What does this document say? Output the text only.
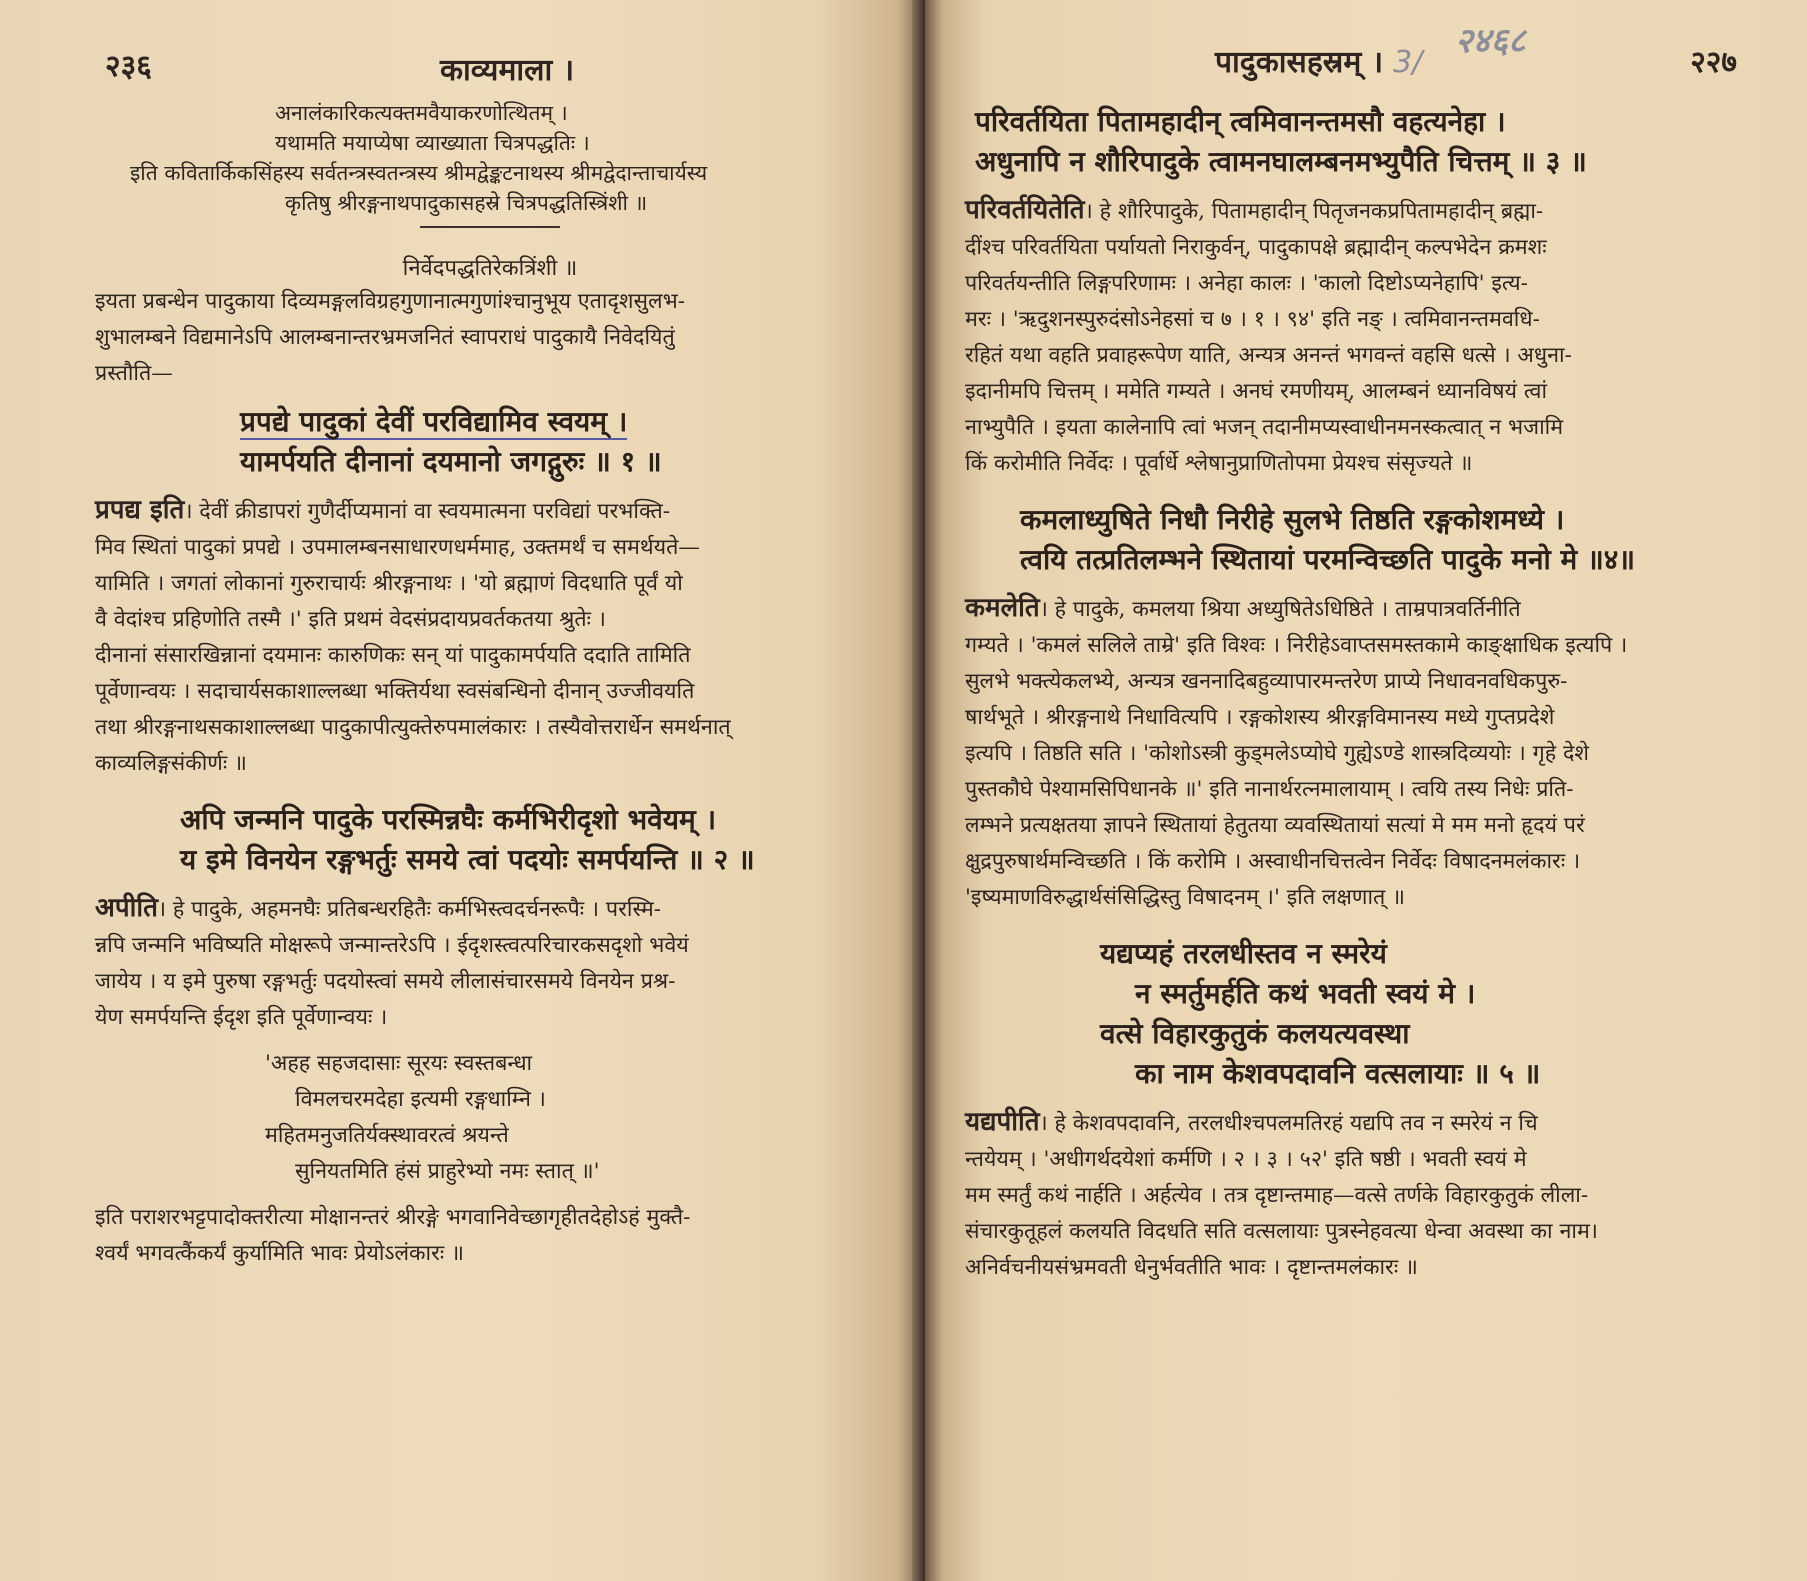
२३६	काव्यमाला ।
अनालंकारिकत्यक्तमवैयाकरणोत्थितम् ।
यथामति मयाप्येषा व्याख्याता चित्रपद्धतिः ।
इति कवितार्किकसिंहस्य सर्वतन्त्रस्वतन्त्रस्य श्रीमद्वेङ्कटनाथस्य श्रीमद्वेदान्ताचार्यस्य
कृतिषु श्रीरङ्गनाथपादुकासहस्रे चित्रपद्धतिस्त्रिंशी ॥
निर्वेदपद्धतिरेकत्रिंशी ॥
इयता प्रबन्धेन पादुकाया दिव्यमङ्गलविग्रहगुणानात्मगुणांश्चानुभूय एतादृशसुलभ-
शुभालम्बने विद्यमानेऽपि आलम्बनान्तरभ्रमजनितं स्वापराधं पादुकायै निवेदयितुं
प्रस्तौति—
प्रपद्ये पादुकां देवीं परविद्यामिव स्वयम् ।
यामर्पयति दीनानां दयमानो जगद्गुरुः ॥ १ ॥
प्रपद्य इति। देवीं क्रीडापरां गुणैर्दीप्यमानां वा स्वयमात्मना परविद्यां परभक्ति-
मिव स्थितां पादुकां प्रपद्ये । उपमालम्बनसाधारणधर्ममाह, उक्तमर्थं च समर्थयते—
यामिति । जगतां लोकानां गुरुराचार्यः श्रीरङ्गनाथः । 'यो ब्रह्माणं विदधाति पूर्वं यो
वै वेदांश्च प्रहिणोति तस्मै ।' इति प्रथमं वेदसंप्रदायप्रवर्तकतया श्रुतेः ।
दीनानां संसारखिन्नानां दयमानः कारुणिकः सन् यां पादुकामर्पयति ददाति तामिति
पूर्वेणान्वयः । सदाचार्यसकाशाल्लब्धा भक्तिर्यथा स्वसंबन्धिनो दीनान् उज्जीवयति
तथा श्रीरङ्गनाथसकाशाल्लब्धा पादुकापीत्युक्तेरुपमालंकारः । तस्यैवोत्तरार्धेन समर्थनात्
काव्यलिङ्गसंकीर्णः ॥
अपि जन्मनि पादुके परस्मिन्नघैः कर्मभिरीदृशो भवेयम् ।
य इमे विनयेन रङ्गभर्तुः समये त्वां पदयोः समर्पयन्ति ॥ २ ॥
अपीति। हे पादुके, अहमनघैः प्रतिबन्धरहितैः कर्मभिस्त्वदर्चनरूपैः । परस्मि-
न्नपि जन्मनि भविष्यति मोक्षरूपे जन्मान्तरेऽपि । ईदृशस्त्वत्परिचारकसदृशो भवेयं
जायेय । य इमे पुरुषा रङ्गभर्तुः पदयोस्त्वां समये लीलासंचारसमये विनयेन प्रश्र-
येण समर्पयन्ति ईदृश इति पूर्वेणान्वयः ।
'अहह सहजदासाः सूरयः स्वस्तबन्धा
विमलचरमदेहा इत्यमी रङ्गधाम्नि ।
महितमनुजतिर्यक्स्थावरत्वं श्रयन्ते
सुनियतमिति हंसं प्राहुरेभ्यो नमः स्तात् ॥'
इति पराशरभट्टपादोक्तरीत्या मोक्षानन्तरं श्रीरङ्गे भगवानिवेच्छागृहीतदेहोऽहं मुक्तै-
श्वर्यं भगवत्कैंकर्यं कुर्यामिति भावः प्रेयोऽलंकारः ॥
२४६८
पादुकासहस्रम् । 3/	२२७
परिवर्तयिता पितामहादीन् त्वमिवानन्तमसौ वहत्यनेहा ।
अधुनापि न शौरिपादुके त्वामनघालम्बनमभ्युपैति चित्तम् ॥ ३ ॥
परिवर्तयितेति। हे शौरिपादुके, पितामहादीन् पितृजनकप्रपितामहादीन् ब्रह्मा-
दींश्च परिवर्तयिता पर्यायतो निराकुर्वन्, पादुकापक्षे ब्रह्मादीन् कल्पभेदेन क्रमशः
परिवर्तयन्तीति लिङ्गपरिणामः । अनेहा कालः । 'कालो दिष्टोऽप्यनेहापि' इत्य-
मरः । 'ऋदुशनस्पुरुदंसोऽनेहसां च ७ । १ । ९४' इति नङ् । त्वमिवानन्तमवधि-
रहितं यथा वहति प्रवाहरूपेण याति, अन्यत्र अनन्तं भगवन्तं वहसि धत्से । अधुना-
इदानीमपि चित्तम् । ममेति गम्यते । अनघं रमणीयम्, आलम्बनं ध्यानविषयं त्वां
नाभ्युपैति । इयता कालेनापि त्वां भजन् तदानीमप्यस्वाधीनमनस्कत्वात् न भजामि
किं करोमीति निर्वेदः । पूर्वार्धे श्लेषानुप्राणितोपमा प्रेयश्च संसृज्यते ॥
कमलाध्युषिते निधौ निरीहे सुलभे तिष्ठति रङ्गकोशमध्ये ।
त्वयि तत्प्रतिलम्भने स्थितायां परमन्विच्छति पादुके मनो मे ॥४॥
कमलेति। हे पादुके, कमलया श्रिया अध्युषितेऽधिष्ठिते । ताम्रपात्रवर्तिनीति
गम्यते । 'कमलं सलिले ताम्रे' इति विश्वः । निरीहेऽवाप्तसमस्तकामे काङ्क्षाधिक इत्यपि ।
सुलभे भक्त्येकलभ्ये, अन्यत्र खननादिबहुव्यापारमन्तरेण प्राप्ये निधावनवधिकपुरु-
षार्थभूते । श्रीरङ्गनाथे निधावित्यपि । रङ्गकोशस्य श्रीरङ्गविमानस्य मध्ये गुप्तप्रदेशे
इत्यपि । तिष्ठति सति । 'कोशोऽस्त्री कुड्मलेऽप्योघे गुह्येऽण्डे शास्त्रदिव्ययोः । गृहे देशे
पुस्तकौघे पेश्यामसिपिधानके ॥' इति नानार्थरत्नमालायाम् । त्वयि तस्य निधेः प्रति-
लम्भने प्रत्यक्षतया ज्ञापने स्थितायां हेतुतया व्यवस्थितायां सत्यां मे मम मनो हृदयं परं
क्षुद्रपुरुषार्थमन्विच्छति । किं करोमि । अस्वाधीनचित्तत्वेन निर्वेदः विषादनमलंकारः ।
'इष्यमाणविरुद्धार्थसंसिद्धिस्तु विषादनम् ।' इति लक्षणात् ॥
यद्यप्यहं तरलधीस्तव न स्मरेयं
न स्मर्तुमर्हति कथं भवती स्वयं मे ।
वत्से विहारकुतुकं कलयत्यवस्था
का नाम केशवपदावनि वत्सलायाः ॥ ५ ॥
यद्यपीति। हे केशवपदावनि, तरलधीश्चपलमतिरहं यद्यपि तव न स्मरेयं न चि
न्तयेयम् । 'अधीगर्थदयेशां कर्मणि । २ । ३ । ५२' इति षष्ठी । भवती स्वयं मे
मम स्मर्तुं कथं नार्हति । अर्हत्येव । तत्र दृष्टान्तमाह—वत्से तर्णके विहारकुतुकं लीला-
संचारकुतूहलं कलयति विदधति सति वत्सलायाः पुत्रस्नेहवत्या धेन्वा अवस्था का नाम।
अनिर्वचनीयसंभ्रमवती धेनुर्भवतीति भावः । दृष्टान्तमलंकारः ॥
